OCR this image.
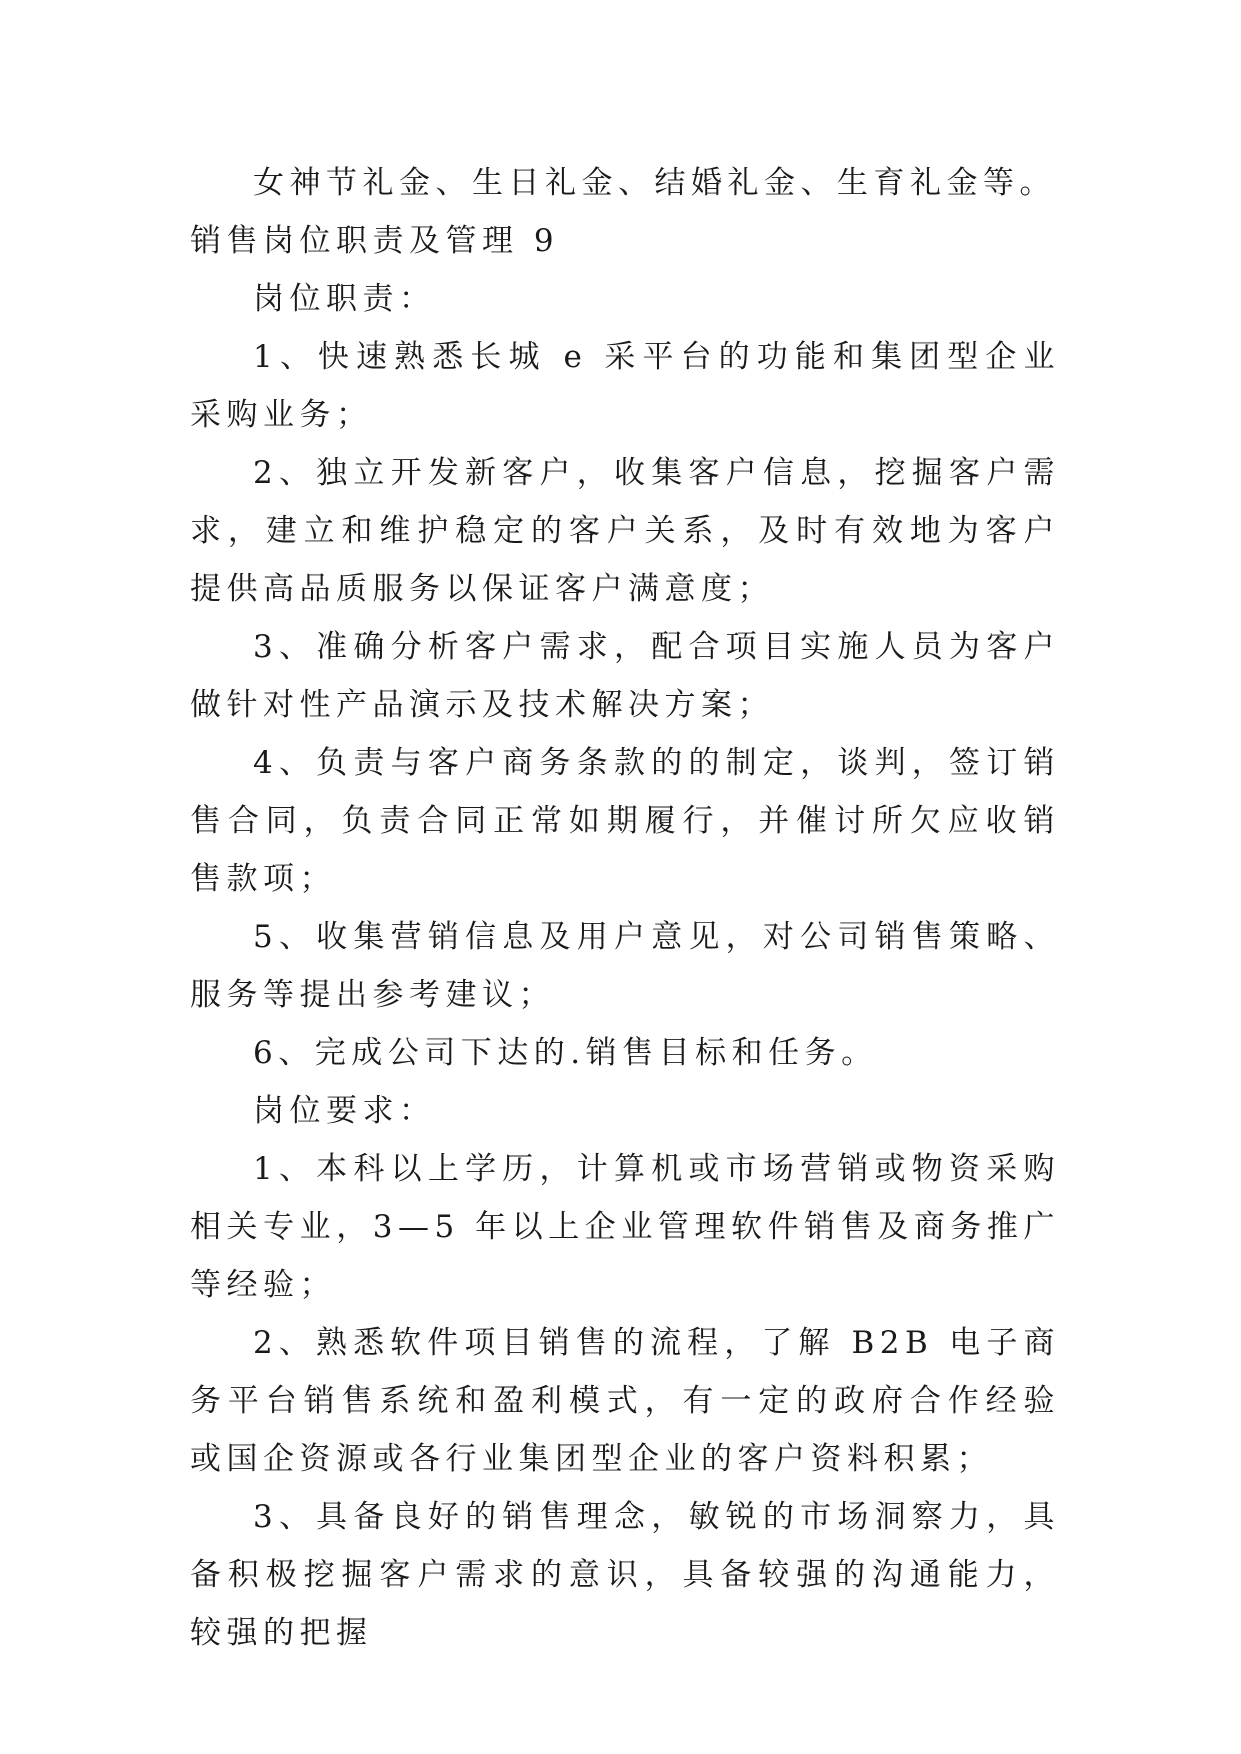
女神节礼金、生日礼金、结婚礼金、生育礼金等。

销售岗位职责及管理 9

岗位职责：

1、快速熟悉长城 e 采平台的功能和集团型企业采购业务；

2、独立开发新客户，收集客户信息，挖掘客户需求，建立和维护稳定的客户关系，及时有效地为客户提供高品质服务以保证客户满意度；

3、准确分析客户需求，配合项目实施人员为客户做针对性产品演示及技术解决方案；

4、负责与客户商务条款的的制定，谈判，签订销售合同，负责合同正常如期履行，并催讨所欠应收销售款项；

5、收集营销信息及用户意见，对公司销售策略、服务等提出参考建议；

6、完成公司下达的.销售目标和任务。

岗位要求：

1、本科以上学历，计算机或市场营销或物资采购相关专业，3—5 年以上企业管理软件销售及商务推广等经验；

2、熟悉软件项目销售的流程，了解 B2B 电子商务平台销售系统和盈利模式，有一定的政府合作经验或国企资源或各行业集团型企业的客户资料积累；

3、具备良好的销售理念，敏锐的市场洞察力，具备积极挖掘客户需求的意识，具备较强的沟通能力，较强的把握
